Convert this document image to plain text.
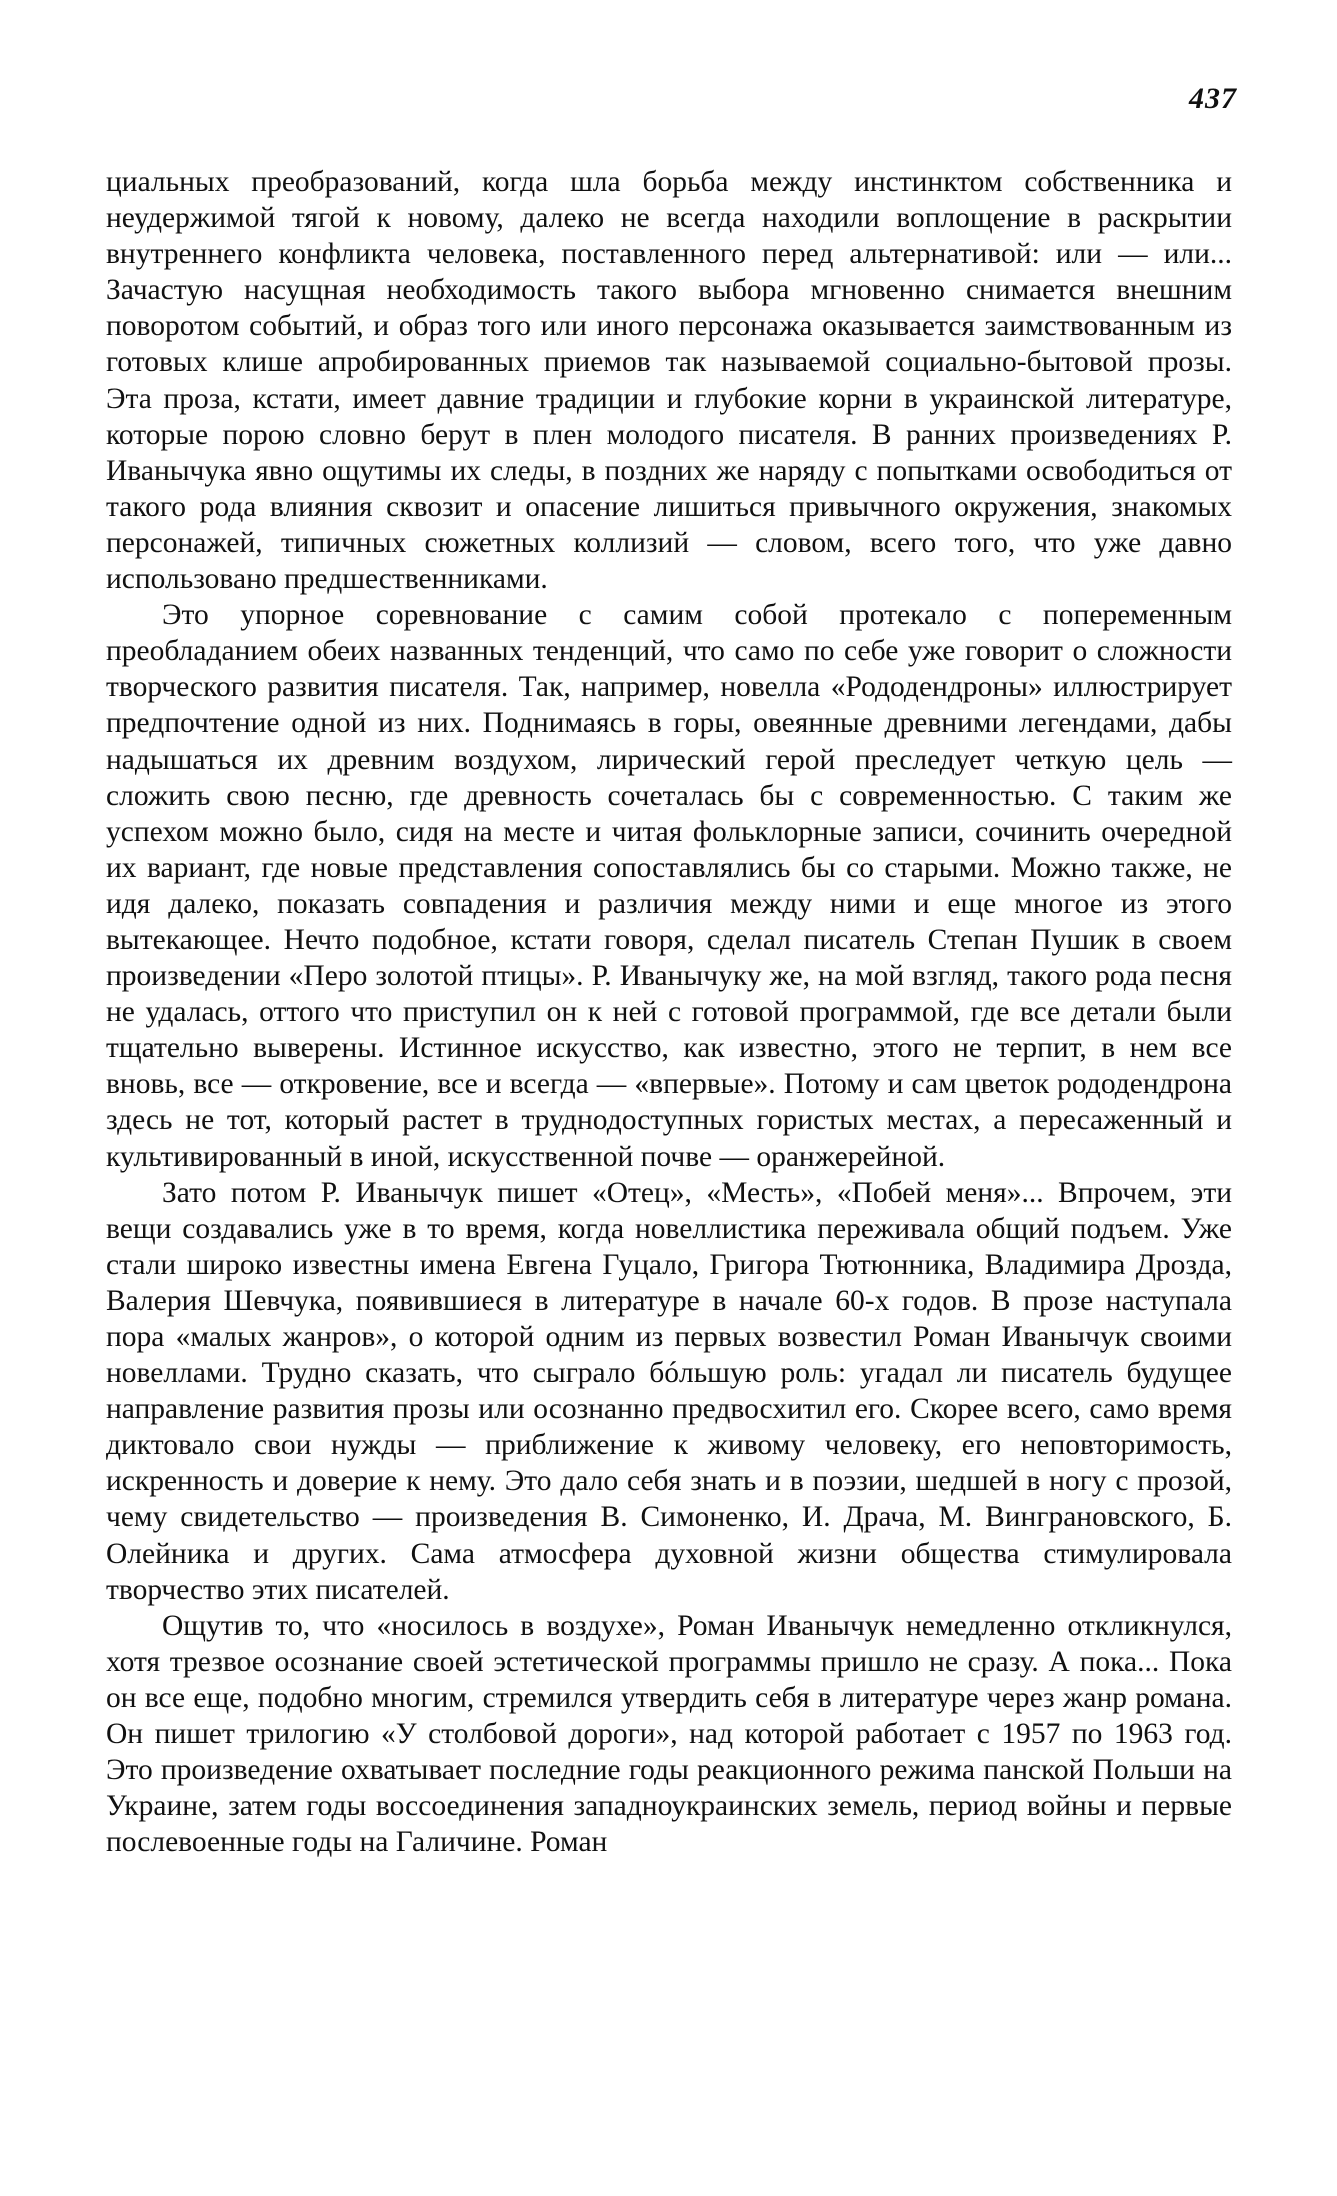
437

циальных преобразований, когда шла борьба между инстинктом собственника и неудержимой тягой к новому, далеко не всегда находили воплощение в раскрытии внутреннего конфликта человека, поставленного перед альтернативой: или — или... Зачастую насущная необходимость такого выбора мгновенно снимается внешним поворотом событий, и образ того или иного персонажа оказывается заимствованным из готовых клише апробированных приемов так называемой социально-бытовой прозы. Эта проза, кстати, имеет давние традиции и глубокие корни в украинской литературе, которые порою словно берут в плен молодого писателя. В ранних произведениях Р. Иванычука явно ощутимы их следы, в поздних же наряду с попытками освободиться от такого рода влияния сквозит и опасение лишиться привычного окружения, знакомых персонажей, типичных сюжетных коллизий — словом, всего того, что уже давно использовано предшественниками.

Это упорное соревнование с самим собой протекало с попеременным преобладанием обеих названных тенденций, что само по себе уже говорит о сложности творческого развития писателя. Так, например, новелла «Рододендроны» иллюстрирует предпочтение одной из них. Поднимаясь в горы, овеянные древними легендами, дабы надышаться их древним воздухом, лирический герой преследует четкую цель — сложить свою песню, где древность сочеталась бы с современностью. С таким же успехом можно было, сидя на месте и читая фольклорные записи, сочинить очередной их вариант, где новые представления сопоставлялись бы со старыми. Можно также, не идя далеко, показать совпадения и различия между ними и еще многое из этого вытекающее. Нечто подобное, кстати говоря, сделал писатель Степан Пушик в своем произведении «Перо золотой птицы». Р. Иванычуку же, на мой взгляд, такого рода песня не удалась, оттого что приступил он к ней с готовой программой, где все детали были тщательно выверены. Истинное искусство, как известно, этого не терпит, в нем все вновь, все — откровение, все и всегда — «впервые». Потому и сам цветок рододендрона здесь не тот, который растет в труднодоступных гористых местах, а пересаженный и культивированный в иной, искусственной почве — оранжерейной.

Зато потом Р. Иванычук пишет «Отец», «Месть», «Побей меня»... Впрочем, эти вещи создавались уже в то время, когда новеллистика переживала общий подъем. Уже стали широко известны имена Евгена Гуцало, Григора Тютюнника, Владимира Дрозда, Валерия Шевчука, появившиеся в литературе в начале 60-х годов. В прозе наступала пора «малых жанров», о которой одним из первых возвестил Роман Иванычук своими новеллами. Трудно сказать, что сыграло бóльшую роль: угадал ли писатель будущее направление развития прозы или осознанно предвосхитил его. Скорее всего, само время диктовало свои нужды — приближение к живому человеку, его неповторимость, искренность и доверие к нему. Это дало себя знать и в поэзии, шедшей в ногу с прозой, чему свидетельство — произведения В. Симоненко, И. Драча, М. Винграновского, Б. Олейника и других. Сама атмосфера духовной жизни общества стимулировала творчество этих писателей.

Ощутив то, что «носилось в воздухе», Роман Иванычук немедленно откликнулся, хотя трезвое осознание своей эстетической программы пришло не сразу. А пока... Пока он все еще, подобно многим, стремился утвердить себя в литературе через жанр романа. Он пишет трилогию «У столбовой дороги», над которой работает с 1957 по 1963 год. Это произведение охватывает последние годы реакционного режима панской Польши на Украине, затем годы воссоединения западноукраинских земель, период войны и первые послевоенные годы на Галичине. Роман
